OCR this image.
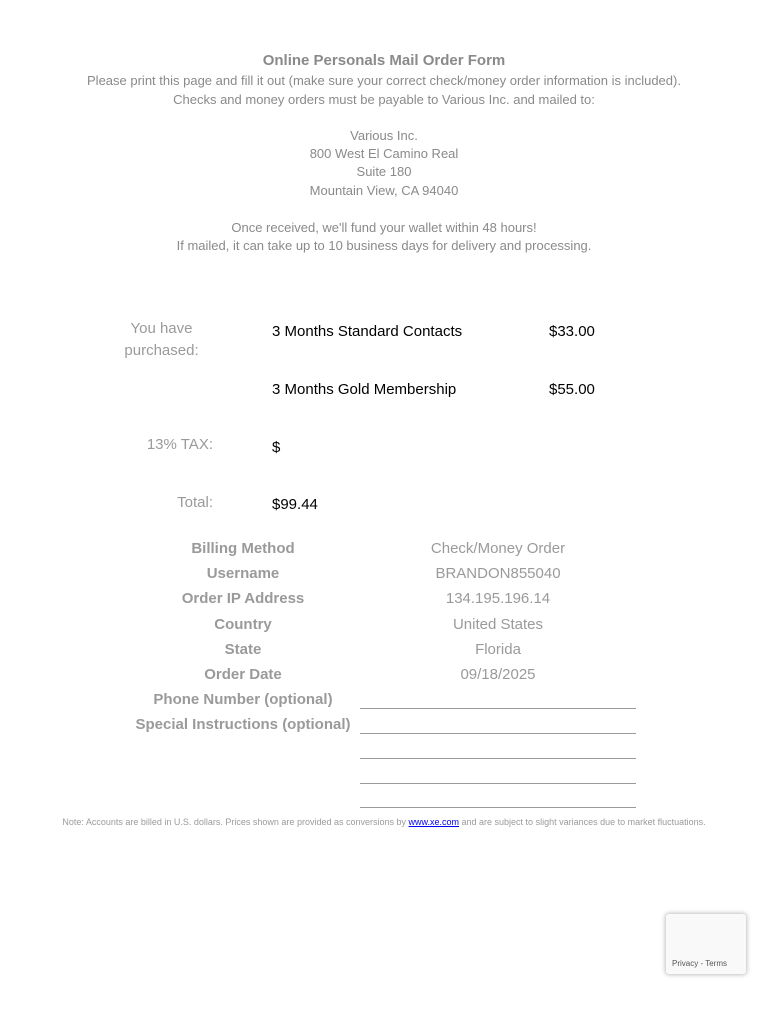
Online Personals Mail Order Form
Please print this page and fill it out (make sure your correct check/money order information is included).
Checks and money orders must be payable to Various Inc. and mailed to:
Various Inc.
800 West El Camino Real
Suite 180
Mountain View, CA 94040
Once received, we'll fund your wallet within 48 hours!
If mailed, it can take up to 10 business days for delivery and processing.
You have
purchased:
3 Months Standard Contacts	$33.00
3 Months Gold Membership	$55.00
13% TAX:	$
Total:	$99.44
Billing Method	Check/Money Order
Username	BRANDON855040
Order IP Address	134.195.196.14
Country	United States
State	Florida
Order Date	09/18/2025
Phone Number (optional)
Special Instructions (optional)
Note: Accounts are billed in U.S. dollars. Prices shown are provided as conversions by www.xe.com and are subject to slight variances due to market fluctuations.
Privacy - Terms
